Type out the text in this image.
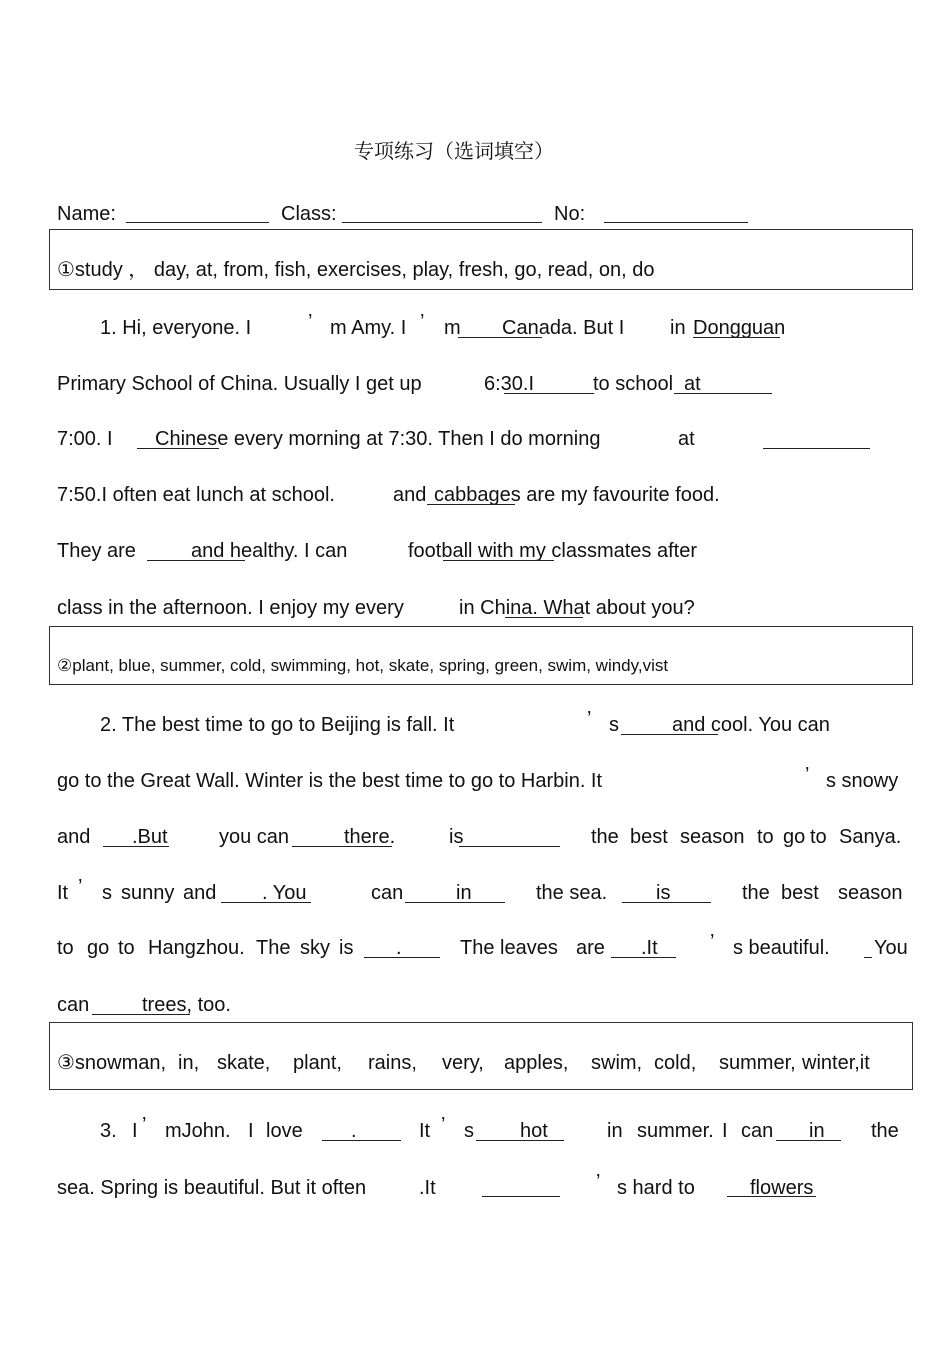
专项练习（选词填空）
Name:	Class:	No:
①study ， day, at, from, fish, exercises, play, fresh, go, read, on, do
1. Hi, everyone. I	’ m Amy. I ’ m Canada. But I in Dongguan
Primary School of China. Usually I get up	6:30.I	to school at
7:00. I Chinese every morning at 7:30. Then I do morning	at
7:50.I often eat lunch at school.	and cabbages are my favourite food.
They are	and healthy. I can	football with my classmates after
class in the afternoon. I enjoy my every	in China. What about you?
②plant, blue, summer, cold, swimming, hot, skate, spring, green, swim, windy,vist
2. The best time to go to Beijing is fall. It	’ s	and cool. You can
go to the Great Wall. Winter is the best time to go to Harbin. It	’ s snowy
and .But	you can	there.	is	the best season to go to Sanya.
It ’ s sunny and . You	can	in	the sea. is	the best season
to go to Hangzhou. The sky is .	The leaves are .It	’ s beautiful. You
can	trees, too.
③snowman, in, skate, plant, rains, very, apples, swim, cold, summer, winter,it
3. I ’ mJohn. I love .	It ’ s hot	in summer. I can in the
sea. Spring is beautiful. But it often	.It	’ s hard to	flowers
